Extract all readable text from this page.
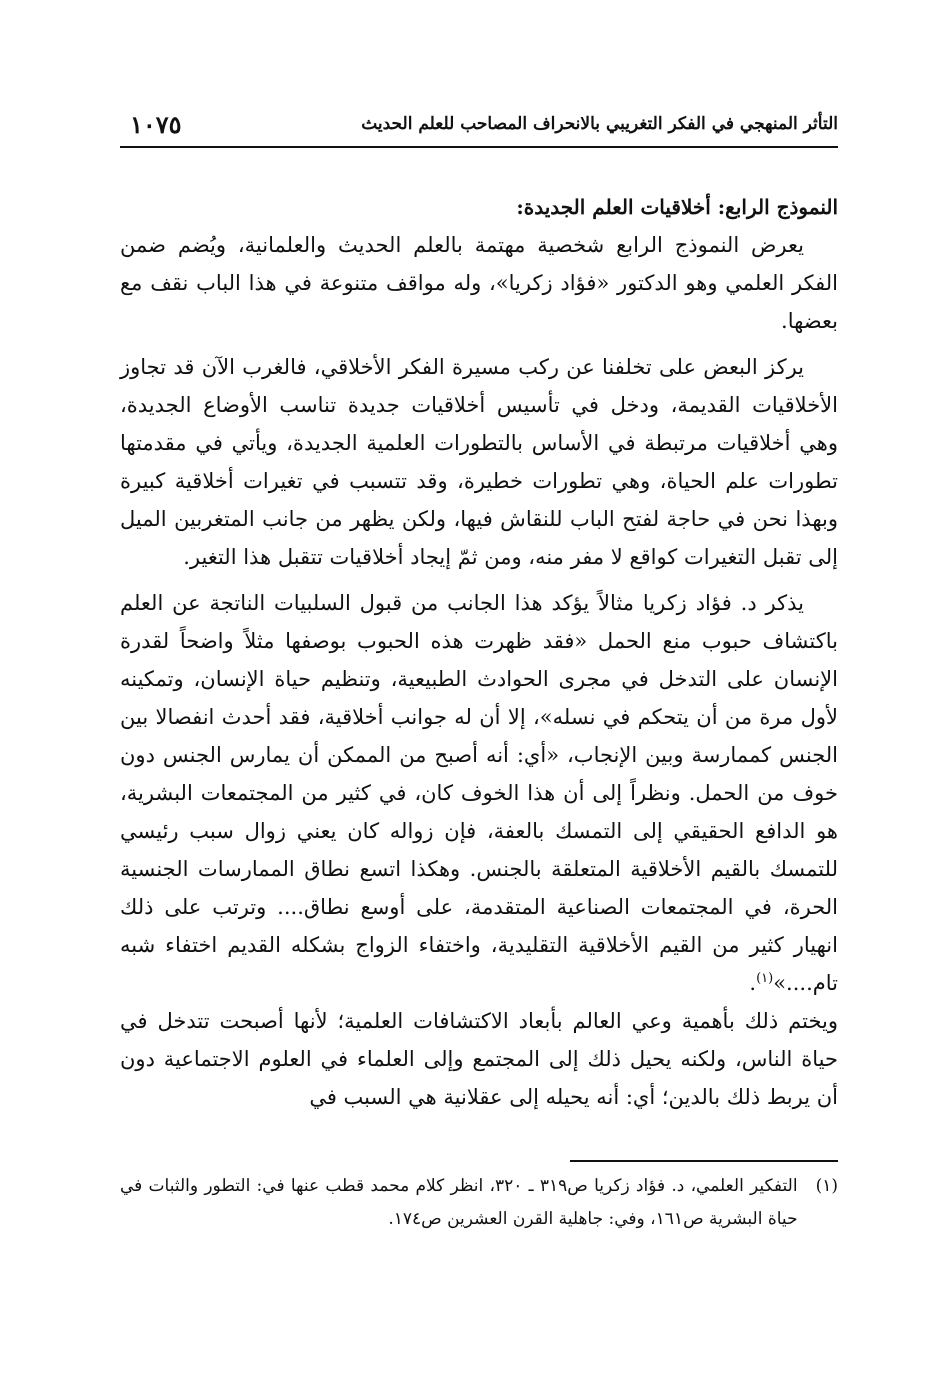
التأثر المنهجي في الفكر التغريبي بالانحراف المصاحب للعلم الحديث
١٠٧٥
النموذج الرابع: أخلاقيات العلم الجديدة:

يعرض النموذج الرابع شخصية مهتمة بالعلم الحديث والعلمانية، ويُضم ضمن الفكر العلمي وهو الدكتور «فؤاد زكريا»، وله مواقف متنوعة في هذا الباب نقف مع بعضها.

يركز البعض على تخلفنا عن ركب مسيرة الفكر الأخلاقي، فالغرب الآن قد تجاوز الأخلاقيات القديمة، ودخل في تأسيس أخلاقيات جديدة تناسب الأوضاع الجديدة، وهي أخلاقيات مرتبطة في الأساس بالتطورات العلمية الجديدة، ويأتي في مقدمتها تطورات علم الحياة، وهي تطورات خطيرة، وقد تتسبب في تغيرات أخلاقية كبيرة وبهذا نحن في حاجة لفتح الباب للنقاش فيها، ولكن يظهر من جانب المتغربين الميل إلى تقبل التغيرات كواقع لا مفر منه، ومن ثمّ إيجاد أخلاقيات تتقبل هذا التغير.

يذكر د. فؤاد زكريا مثالاً يؤكد هذا الجانب من قبول السلبيات الناتجة عن العلم باكتشاف حبوب منع الحمل «فقد ظهرت هذه الحبوب بوصفها مثلاً واضحاً لقدرة الإنسان على التدخل في مجرى الحوادث الطبيعية، وتنظيم حياة الإنسان، وتمكينه لأول مرة من أن يتحكم في نسله»، إلا أن له جوانب أخلاقية، فقد أحدث انفصالا بين الجنس كممارسة وبين الإنجاب، «أي: أنه أصبح من الممكن أن يمارس الجنس دون خوف من الحمل. ونظراً إلى أن هذا الخوف كان، في كثير من المجتمعات البشرية، هو الدافع الحقيقي إلى التمسك بالعفة، فإن زواله كان يعني زوال سبب رئيسي للتمسك بالقيم الأخلاقية المتعلقة بالجنس. وهكذا اتسع نطاق الممارسات الجنسية الحرة، في المجتمعات الصناعية المتقدمة، على أوسع نطاق.... وترتب على ذلك انهيار كثير من القيم الأخلاقية التقليدية، واختفاء الزواج بشكله القديم اختفاء شبه تام....»$^{(١)}$.

ويختم ذلك بأهمية وعي العالم بأبعاد الاكتشافات العلمية؛ لأنها أصبحت تتدخل في حياة الناس، ولكنه يحيل ذلك إلى المجتمع وإلى العلماء في العلوم الاجتماعية دون أن يربط ذلك بالدين؛ أي: أنه يحيله إلى عقلانية هي السبب في

(١)
التفكير العلمي، د. فؤاد زكريا ص٣١٩ ـ ٣٢٠، انظر كلام محمد قطب عنها في: التطور والثبات في حياة البشرية ص١٦١، وفي: جاهلية القرن العشرين ص١٧٤.
